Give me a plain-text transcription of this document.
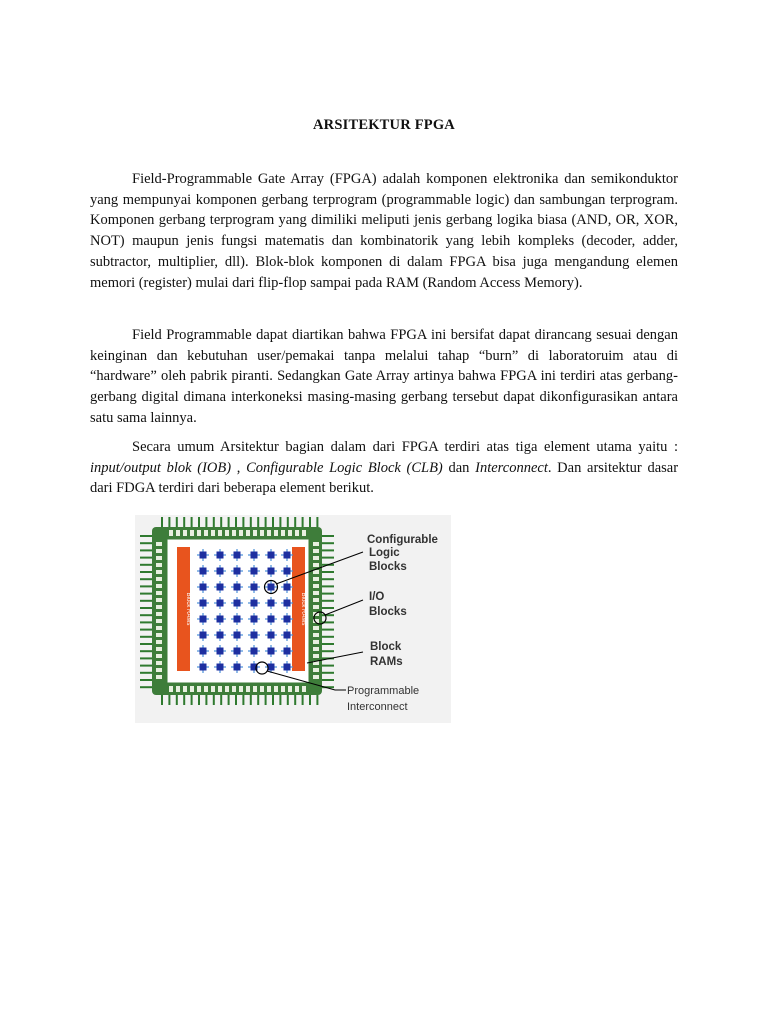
ARSITEKTUR FPGA

Field-Programmable Gate Array (FPGA) adalah komponen elektronika dan semikonduktor yang mempunyai komponen gerbang terprogram (programmable logic) dan sambungan terprogram. Komponen gerbang terprogram yang dimiliki meliputi jenis gerbang logika biasa (AND, OR, XOR, NOT) maupun jenis fungsi matematis dan kombinatorik yang lebih kompleks (decoder, adder, subtractor, multiplier, dll). Blok-blok komponen di dalam FPGA bisa juga mengandung elemen memori (register) mulai dari flip-flop sampai pada RAM (Random Access Memory).

Field Programmable dapat diartikan bahwa FPGA ini bersifat dapat dirancang sesuai dengan keinginan dan kebutuhan user/pemakai tanpa melalui tahap “burn” di laboratoruim atau di “hardware” oleh pabrik piranti. Sedangkan Gate Array artinya bahwa FPGA ini terdiri atas gerbang-gerbang digital dimana interkoneksi masing-masing gerbang tersebut dapat dikonfigurasikan antara satu sama lainnya.

Secara umum Arsitektur bagian dalam dari FPGA terdiri atas tiga element utama yaitu : input/output blok (IOB) , Configurable Logic Block (CLB) dan Interconnect. Dan arsitektur dasar dari FDGA terdiri dari beberapa element berikut.

Block RAMs	Block RAMs
Configurable
Logic
Blocks
I/O
Blocks
Block
RAMs
Programmable
Interconnect
